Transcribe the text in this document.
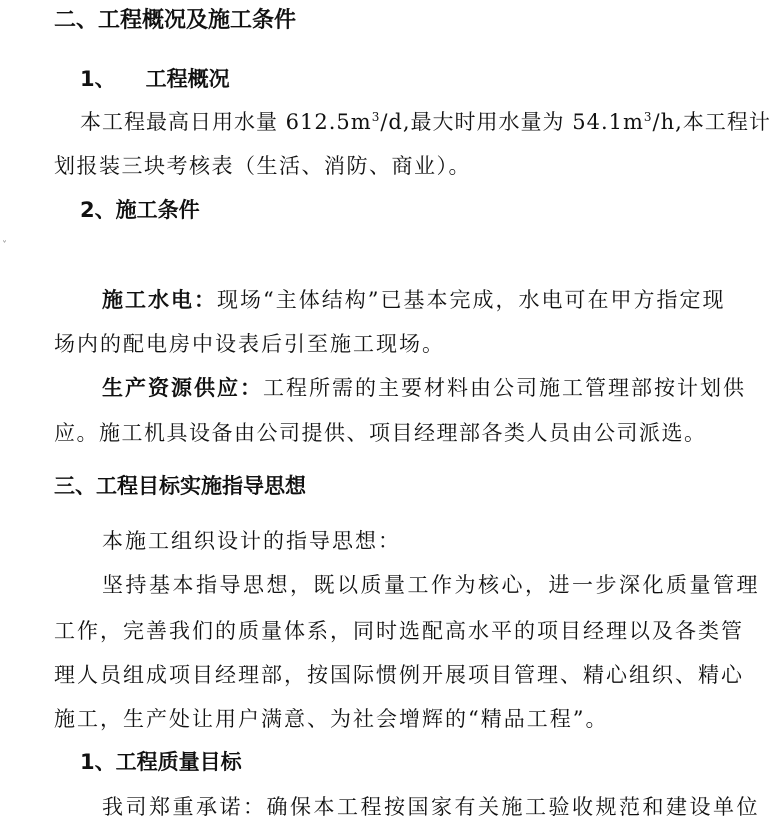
二、工程概况及施工条件
1、 工程概况
本工程最高日用水量 $612.5m^3/d$,最大时用水量为 $54.1m^3/h$,本工程计
划报装三块考核表（生活、消防、商业）。
2、施工条件
˅
施工水电：现场“主体结构”已基本完成，水电可在甲方指定现
场内的配电房中设表后引至施工现场。
生产资源供应：工程所需的主要材料由公司施工管理部按计划供
应。施工机具设备由公司提供、项目经理部各类人员由公司派选。
三、工程目标实施指导思想
本施工组织设计的指导思想：
坚持基本指导思想，既以质量工作为核心，进一步深化质量管理
工作，完善我们的质量体系，同时选配高水平的项目经理以及各类管
理人员组成项目经理部，按国际惯例开展项目管理、精心组织、精心
施工，生产处让用户满意、为社会增辉的“精品工程”。
1、工程质量目标
我司郑重承诺：确保本工程按国家有关施工验收规范和建设单位
